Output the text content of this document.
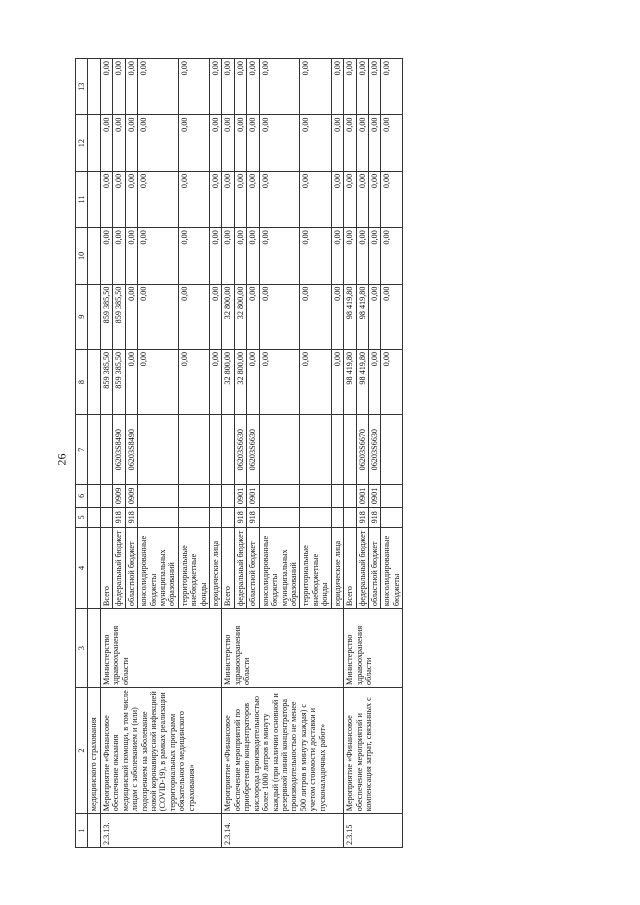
26
1	2	3	4	5	6	7	8	9	10	11	12	13
	медицинского страхования											
2.3.13.	Мероприятие «Финансовое обеспечение оказания медицинской помощи, в том числе лицам с заболеванием и (или) подозрением на заболевание новой коронавирусной инфекцией (COVID-19), в рамках реализации территориальных программ обязательного медицинского страхования»	Министерство здравоохранения области	Всего				859 385,50	859 385,50	0,00	0,00	0,00	0,00
			федеральный бюджет	918	0909	06203S8490	859 385,50	859 385,50	0,00	0,00	0,00	0,00
			областной бюджет	918	0909	06203S8490	0,00	0,00	0,00	0,00	0,00	0,00
			консолидированные бюджеты муниципальных образований				0,00	0,00	0,00	0,00	0,00	0,00
			территориальные внебюджетные фонды				0,00	0,00	0,00	0,00	0,00	0,00
			юридические лица				0,00	0,00	0,00	0,00	0,00	0,00
2.3.14.	Мероприятие «Финансовое обеспечение мероприятий по приобретению концентраторов кислорода производительностью более 1000 литров в минуту каждый (при наличии основной и резервной линий концентратора производительностью не менее 500 литров в минуту каждая) с учетом стоимости доставки и пусконаладочных работ»	Министерство здравоохранения области	Всего				32 800,00	32 800,00	0,00	0,00	0,00	0,00
			федеральный бюджет	918	0901	06203S6630	32 800,00	32 800,00	0,00	0,00	0,00	0,00
			областной бюджет	918	0901	06203S6630	0,00	0,00	0,00	0,00	0,00	0,00
			консолидированные бюджеты муниципальных образований				0,00	0,00	0,00	0,00	0,00	0,00
			территориальные внебюджетные фонды				0,00	0,00	0,00	0,00	0,00	0,00
			юридические лица				0,00	0,00	0,00	0,00	0,00	0,00
2.3.15	Мероприятие «Финансовое обеспечение мероприятий и компенсация затрат, связанных с	Министерство здравоохранения области	Всего				98 419,80	98 419,80	0,00	0,00	0,00	0,00
			федеральный бюджет	918	0901	06203S6670	98 419,80	98 419,80	0,00	0,00	0,00	0,00
			областной бюджет	918	0901	06203S6630	0,00	0,00	0,00	0,00	0,00	0,00
			консолидированные бюджеты				0,00	0,00	0,00	0,00	0,00	0,00
